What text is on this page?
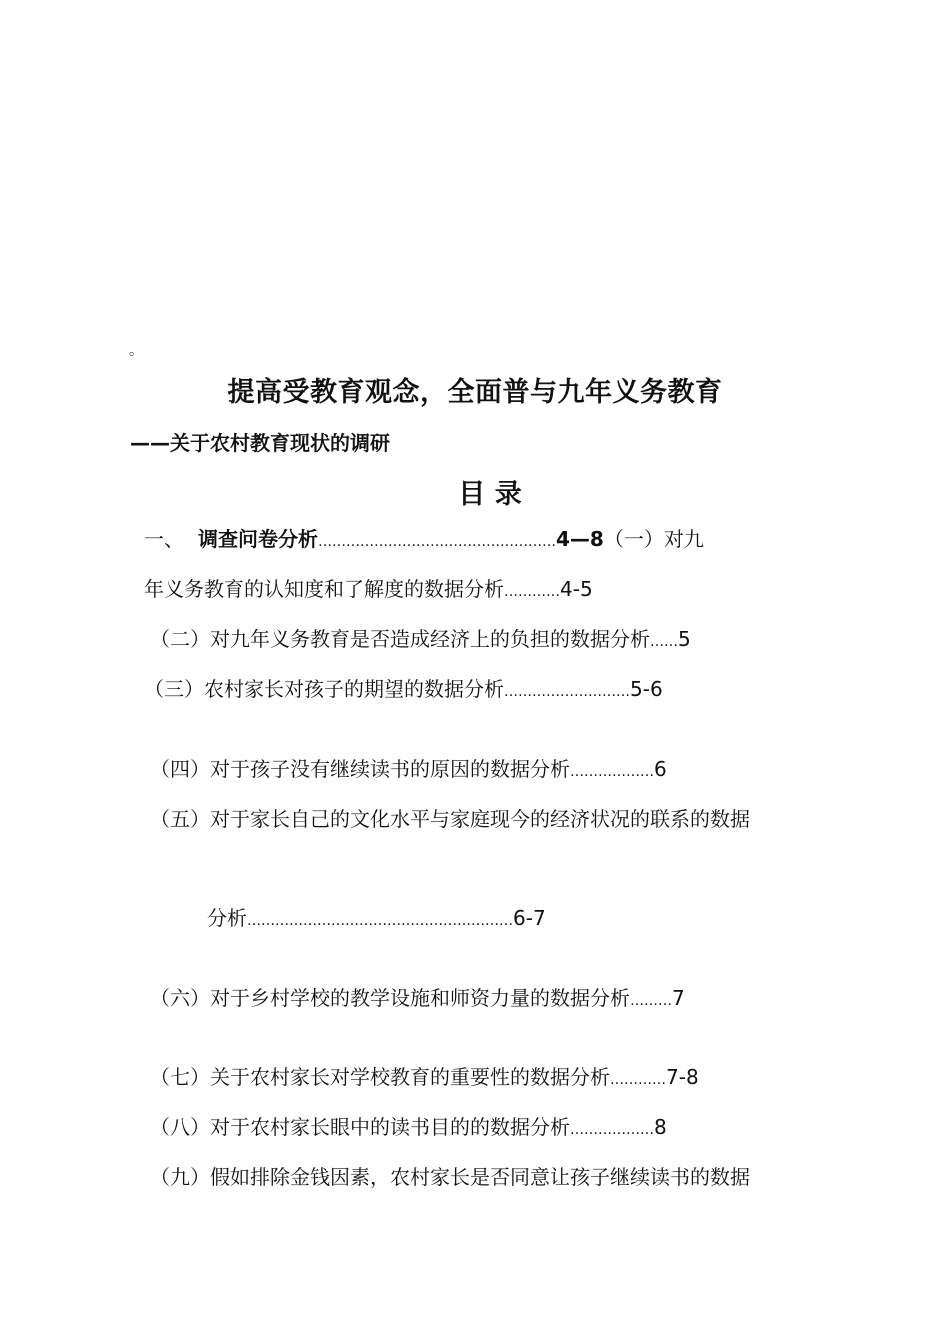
。
提高受教育观念，全面普与九年义务教育
——关于农村教育现状的调研
目 录
一、 调查问卷分析……………………………………………4—8（一）对九
年义务教育的认知度和了解度的数据分析…………4-5
（二）对九年义务教育是否造成经济上的负担的数据分析……5
（三）农村家长对孩子的期望的数据分析………………………5-6
（四）对于孩子没有继续读书的原因的数据分析………………6
（五）对于家长自己的文化水平与家庭现今的经济状况的联系的数据
分析…………………………………………………6-7
（六）对于乡村学校的教学设施和师资力量的数据分析………7
（七）关于农村家长对学校教育的重要性的数据分析…………7-8
（八）对于农村家长眼中的读书目的的数据分析………………8
（九）假如排除金钱因素，农村家长是否同意让孩子继续读书的数据
